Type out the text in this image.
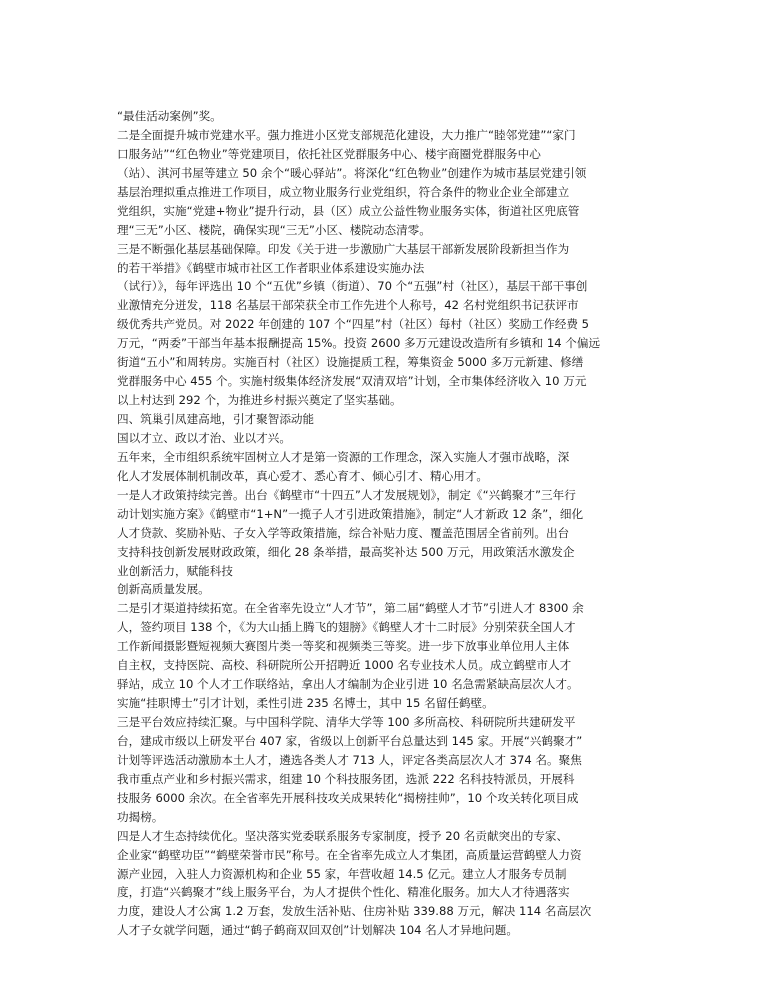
“最佳活动案例”奖。
二是全面提升城市党建水平。强力推进小区党支部规范化建设，大力推广“睦邻党建”“家门
口服务站”“红色物业”等党建项目，依托社区党群服务中心、楼宇商圈党群服务中心
（站）、淇河书屋等建立 50 余个“暖心驿站”。将深化“红色物业”创建作为城市基层党建引领
基层治理拟重点推进工作项目，成立物业服务行业党组织，符合条件的物业企业全部建立
党组织，实施“党建+物业”提升行动，县（区）成立公益性物业服务实体，街道社区兜底管
理“三无”小区、楼院，确保实现“三无”小区、楼院动态清零。
三是不断强化基层基础保障。印发《关于进一步激励广大基层干部新发展阶段新担当作为
的若干举措》《鹤壁市城市社区工作者职业体系建设实施办法
（试行）》，每年评选出 10 个“五优”乡镇（街道）、70 个“五强”村（社区），基层干部干事创
业激情充分迸发，118 名基层干部荣获全市工作先进个人称号，42 名村党组织书记获评市
级优秀共产党员。对 2022 年创建的 107 个“四星”村（社区）每村（社区）奖励工作经费 5
万元，“两委”干部当年基本报酬提高 15%。投资 2600 多万元建设改造所有乡镇和 14 个偏远
街道“五小”和周转房。实施百村（社区）设施提质工程，筹集资金 5000 多万元新建、修缮
党群服务中心 455 个。实施村级集体经济发展“双清双培”计划，全市集体经济收入 10 万元
以上村达到 292 个，为推进乡村振兴奠定了坚实基础。
四、筑巢引凤建高地，引才聚智添动能
国以才立、政以才治、业以才兴。
五年来，全市组织系统牢固树立人才是第一资源的工作理念，深入实施人才强市战略，深
化人才发展体制机制改革，真心爱才、悉心育才、倾心引才、精心用才。
一是人才政策持续完善。出台《鹤壁市“十四五”人才发展规划》，制定《“兴鹤聚才”三年行
动计划实施方案》《鹤壁市“1+N”一揽子人才引进政策措施》，制定“人才新政 12 条”，细化
人才贷款、奖励补贴、子女入学等政策措施，综合补贴力度、覆盖范围居全省前列。出台
支持科技创新发展财政政策，细化 28 条举措，最高奖补达 500 万元，用政策活水激发企
业创新活力，赋能科技
创新高质量发展。
二是引才渠道持续拓宽。在全省率先设立“人才节”，第二届“鹤壁人才节”引进人才 8300 余
人，签约项目 138 个，《为大山插上腾飞的翅膀》《鹤壁人才十二时辰》分别荣获全国人才
工作新闻摄影暨短视频大赛图片类一等奖和视频类三等奖。进一步下放事业单位用人主体
自主权，支持医院、高校、科研院所公开招聘近 1000 名专业技术人员。成立鹤壁市人才
驿站，成立 10 个人才工作联络站，拿出人才编制为企业引进 10 名急需紧缺高层次人才。
实施“挂职博士”引才计划，柔性引进 235 名博士，其中 15 名留任鹤壁。
三是平台效应持续汇聚。与中国科学院、清华大学等 100 多所高校、科研院所共建研发平
台，建成市级以上研发平台 407 家，省级以上创新平台总量达到 145 家。开展“兴鹤聚才”
计划等评选活动激励本土人才，遴选各类人才 713 人，评定各类高层次人才 374 名。聚焦
我市重点产业和乡村振兴需求，组建 10 个科技服务团，选派 222 名科技特派员，开展科
技服务 6000 余次。在全省率先开展科技攻关成果转化“揭榜挂帅”，10 个攻关转化项目成
功揭榜。
四是人才生态持续优化。坚决落实党委联系服务专家制度，授予 20 名贡献突出的专家、
企业家“鹤壁功臣”“鹤壁荣誉市民”称号。在全省率先成立人才集团，高质量运营鹤壁人力资
源产业园，入驻人力资源机构和企业 55 家，年营收超 14.5 亿元。建立人才服务专员制
度，打造“兴鹤聚才”线上服务平台，为人才提供个性化、精准化服务。加大人才待遇落实
力度，建设人才公寓 1.2 万套，发放生活补贴、住房补贴 339.88 万元，解决 114 名高层次
人才子女就学问题，通过“鹤子鹤商双回双创”计划解决 104 名人才异地问题。
